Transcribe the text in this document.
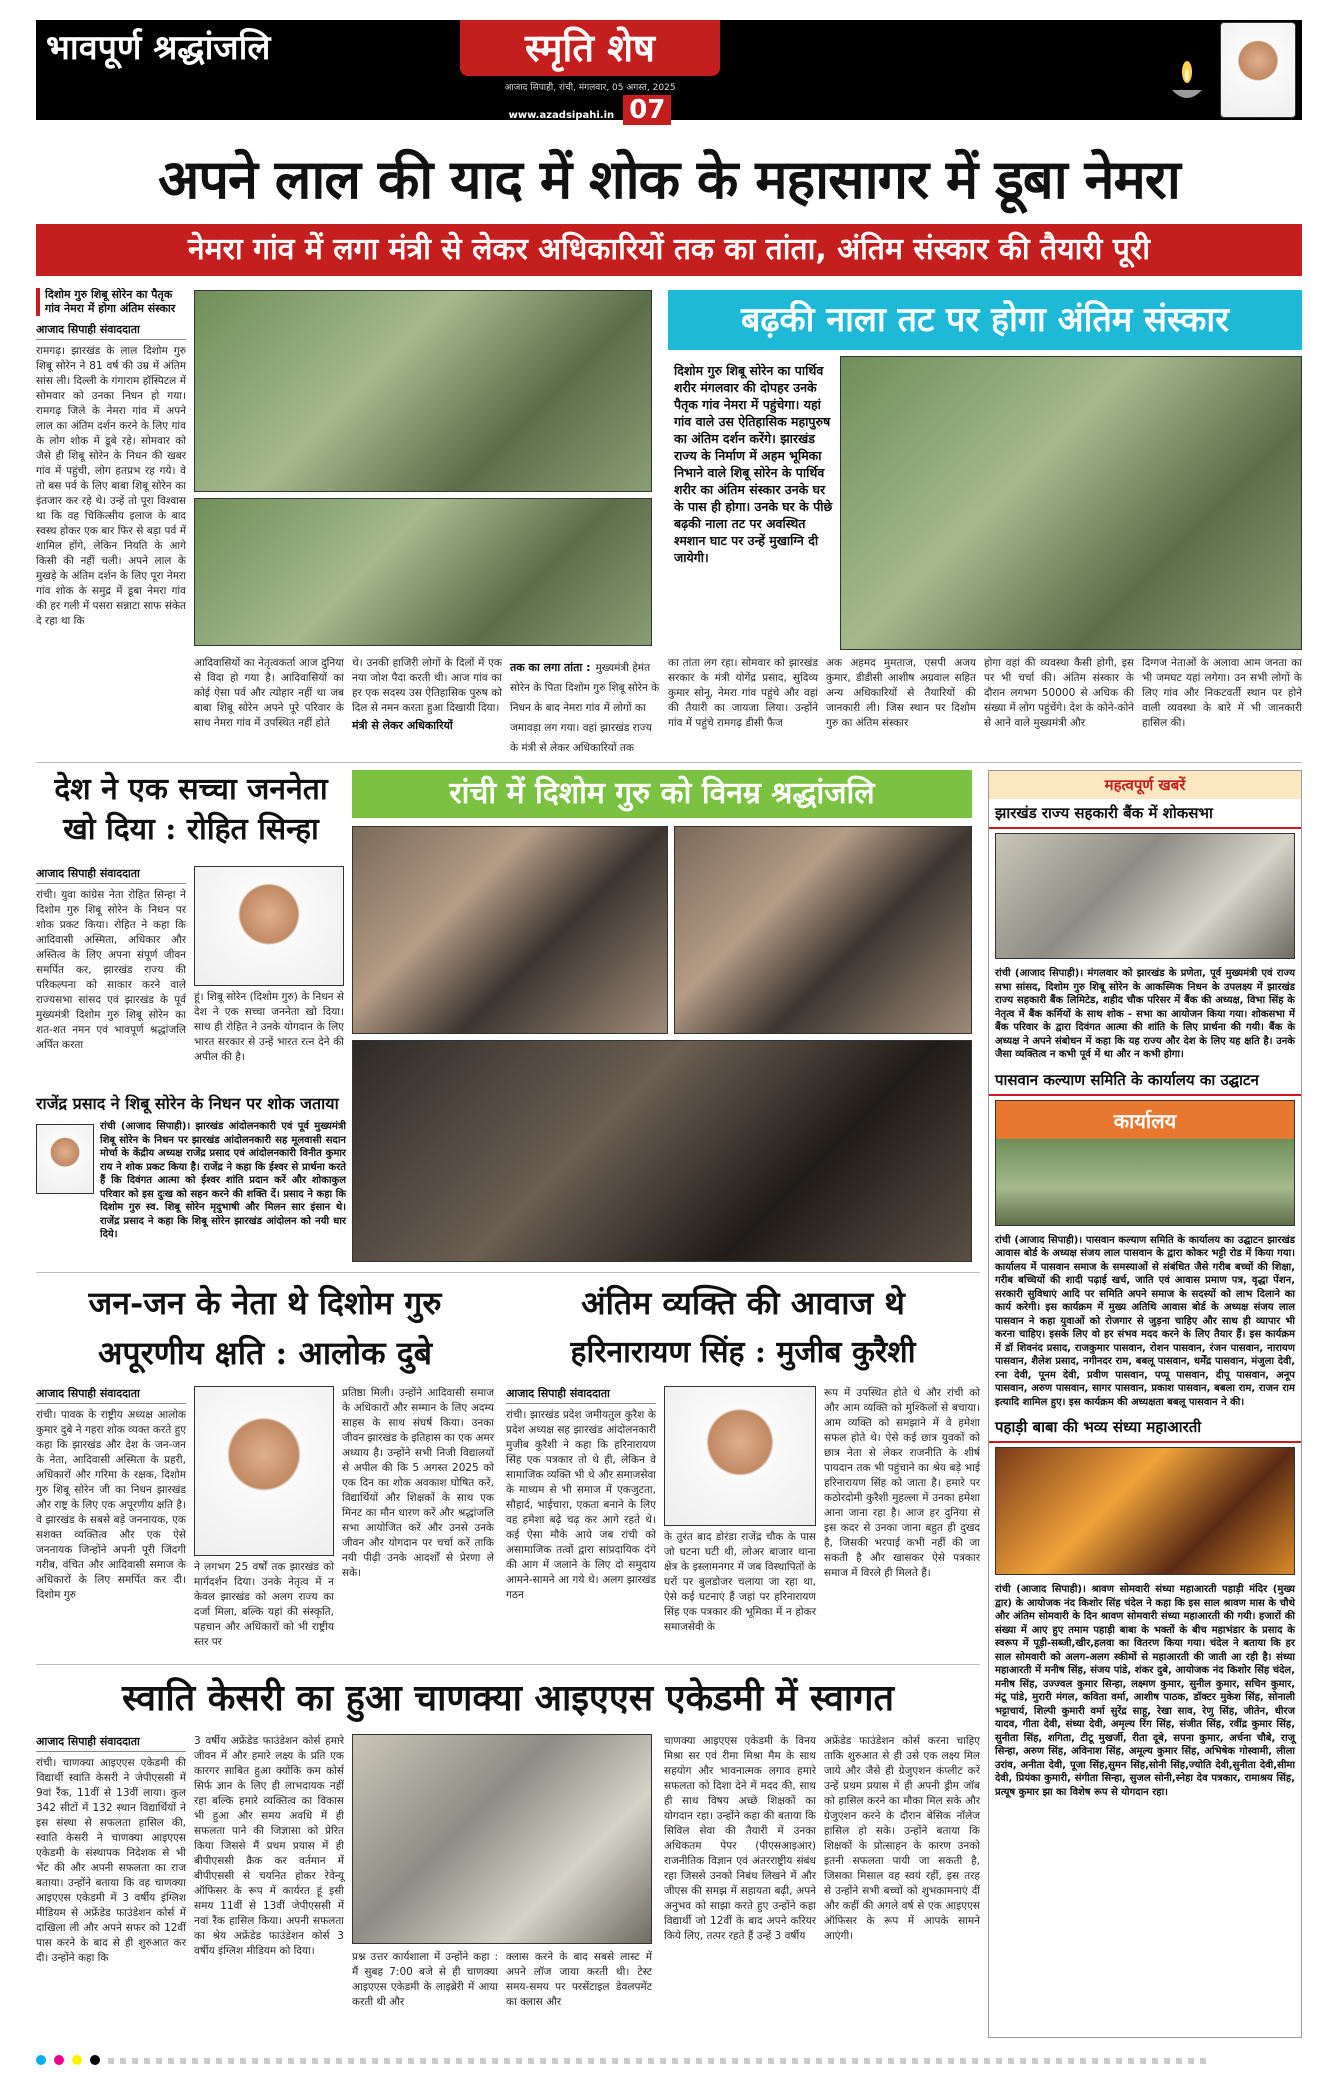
भावपूर्ण श्रद्धांजलि	स्मृति शेष
आजाद सिपाही, रांची, मंगलवार, 05 अगस्त, 2025
www.azadsipahi.in 07
अपने लाल की याद में शोक के महासागर में डूबा नेमरा
नेमरा गांव में लगा मंत्री से लेकर अधिकारियों तक का तांता, अंतिम संस्कार की तैयारी पूरी
दिशोम गुरु शिबू सोरेन का पैतृक गांव नेमरा में होगा अंतिम संस्कार
आजाद सिपाही संवाददाता
रामगढ़। झारखंड के लाल दिशोम गुरु शिबू सोरेन ने 81 वर्ष की उम्र में अंतिम सांस ली। दिल्ली के गंगाराम हॉस्पिटल में सोमवार को उनका निधन हो गया। रामगढ़ जिले के नेमरा गांव में अपने लाल का अंतिम दर्शन करने के लिए गांव के लोग शोक में डूबे रहे। सोमवार को जैसे ही शिबू सोरेन के निधन की खबर गांव में पहुंची, लोग हतप्रभ रह गये। वे तो बस पर्व के लिए बाबा शिबू सोरेन का इंतजार कर रहे थे। उन्हें तो पूरा विश्वास था कि वह चिकित्सीय इलाज के बाद स्वस्थ होकर एक बार फिर से बड़ा पर्व में शामिल होंगे, लेकिन नियति के आगे किसी की नहीं चली। अपने लाल के मुखड़े के अंतिम दर्शन के लिए पूरा नेमरा गांव शोक के समुद्र में डूबा नेमरा गांव की हर गली में पसरा सन्नाटा साफ संकेत दे रहा था कि
बढ़की नाला तट पर होगा अंतिम संस्कार
दिशोम गुरु शिबू सोरेन का पार्थिव शरीर मंगलवार की दोपहर उनके पैतृक गांव नेमरा में पहुंचेगा। यहां गांव वाले उस ऐतिहासिक महापुरुष का अंतिम दर्शन करेंगे। झारखंड राज्य के निर्माण में अहम भूमिका निभाने वाले शिबू सोरेन के पार्थिव शरीर का अंतिम संस्कार उनके घर के पास ही होगा। उनके घर के पीछे बढ़की नाला तट पर अवस्थित श्मशान घाट पर उन्हें मुखाग्नि दी जायेगी।
आदिवासियों का नेतृत्वकर्ता आज दुनिया से विदा हो गया है। आदिवासियों का कोई ऐसा पर्व और त्योहार नहीं था जब बाबा शिबू सोरेन अपने पूरे परिवार के साथ नेमरा गांव में उपस्थित नहीं होते
थे। उनकी हाजिरी लोगों के दिलों में एक नया जोश पैदा करती थी। आज गांव का हर एक सदस्य उस ऐतिहासिक पुरुष को दिल से नमन करता हुआ दिखायी दिया।
मंत्री से लेकर अधिकारियों
तक का लगा तांता : मुख्यमंत्री हेमंत सोरेन के पिता दिशोम गुरु शिबू सोरेन के निधन के बाद नेमरा गांव में लोगों का जमावड़ा लग गया। वहां झारखंड राज्य के मंत्री से लेकर अधिकारियों तक
का तांता लग रहा। सोमवार को झारखंड सरकार के मंत्री योगेंद्र प्रसाद, सुदिव्य कुमार सोनू, नेमरा गांव पहुंचे और वहां की तैयारी का जायजा लिया। उन्होंने गांव में पहुंचे रामगढ़ डीसी फैज
अक अहमद मुमताज, एसपी अजय कुमार, डीडीसी आशीष अग्रवाल सहित अन्य अधिकारियों से तैयारियों की जानकारी ली। जिस स्थान पर दिशोम गुरु का अंतिम संस्कार
होगा वहां की व्यवस्था कैसी होगी, इस पर भी चर्चा की। अंतिम संस्कार के दौरान लगभग 50000 से अधिक की संख्या में लोग पहुंचेंगे। देश के कोने-कोने से आने वाले मुख्यमंत्री और
दिग्गज नेताओं के अलावा आम जनता का भी जमघट यहां लगेगा। उन सभी लोगों के लिए गांव और निकटवर्ती स्थान पर होने वाली व्यवस्था के बारे में भी जानकारी हासिल की।
देश ने एक सच्चा जननेता
खो दिया : रोहित सिन्हा
आजाद सिपाही संवाददाता
रांची। युवा कांग्रेस नेता रोहित सिन्हा ने दिशोम गुरु शिबू सोरेन के निधन पर शोक प्रकट किया। रोहित ने कहा कि आदिवासी अस्मिता, अधिकार और अस्तित्व के लिए अपना संपूर्ण जीवन समर्पित कर, झारखंड राज्य की परिकल्पना को साकार करने वाले राज्यसभा सांसद एवं झारखंड के पूर्व मुख्यमंत्री दिशोम गुरु शिबू सोरेन का शत-शत नमन एवं भावपूर्ण श्रद्धांजलि अर्पित करता
हूं। शिबू सोरेन (दिशोम गुरु) के निधन से देश ने एक सच्चा जननेता खो दिया। साथ ही रोहित ने उनके योगदान के लिए भारत सरकार से उन्हें भारत रत्न देने की अपील की है।
राजेंद्र प्रसाद ने शिबू सोरेन के निधन पर शोक जताया
रांची (आजाद सिपाही)। झारखंड आंदोलनकारी एवं पूर्व मुख्यमंत्री शिबू सोरेन के निधन पर झारखंड आंदोलनकारी सह मूलवासी सदान मोर्चा के केंद्रीय अध्यक्ष राजेंद्र प्रसाद एवं आंदोलनकारी विनीत कुमार राय ने शोक प्रकट किया है। राजेंद्र ने कहा कि ईश्वर से प्रार्थना करते हैं कि दिवंगत आत्मा को ईश्वर शांति प्रदान करें और शोकाकुल परिवार को इस दुःख को सहन करने की शक्ति दें। प्रसाद ने कहा कि दिशोम गुरु स्व. शिबू सोरेन मृदुभाषी और मिलन सार इंसान थे। राजेंद्र प्रसाद ने कहा कि शिबू सोरेन झारखंड आंदोलन को नयी धार दिये।
रांची में दिशोम गुरु को विनम्र श्रद्धांजलि	महत्वपूर्ण खबरें
झारखंड राज्य सहकारी बैंक में शोकसभा
रांची (आजाद सिपाही)। मंगलवार को झारखंड के प्रणेता, पूर्व मुख्यमंत्री एवं राज्य सभा सांसद, दिशोम गुरु शिबू सोरेन के आकस्मिक निधन के उपलक्ष्य में झारखंड राज्य सहकारी बैंक लिमिटेड, शहीद चौक परिसर में बैंक की अध्यक्ष, विभा सिंह के नेतृत्व में बैंक कर्मियों के साथ शोक - सभा का आयोजन किया गया। शोकसभा में बैंक परिवार के द्वारा दिवंगत आत्मा की शांति के लिए प्रार्थना की गयी। बैंक के अध्यक्ष ने अपने संबोधन में कहा कि यह राज्य और देश के लिए यह क्षति है। उनके जैसा व्यक्तित्व न कभी पूर्व में था और न कभी होगा।
पासवान कल्याण समिति के कार्यालय का उद्घाटन
कार्यालय
रांची (आजाद सिपाही)। पासवान कल्याण समिति के कार्यालय का उद्घाटन झारखंड आवास बोर्ड के अध्यक्ष संजय लाल पासवान के द्वारा कोकर भट्टी रोड में किया गया। कार्यालय में पासवान समाज के समस्याओं से संबंधित जैसे गरीब बच्चों की शिक्षा, गरीब बच्चियों की शादी पढ़ाई खर्च, जाति एवं आवास प्रमाण पत्र, वृद्धा पेंशन, सरकारी सुविधाएं आदि पर समिति अपने समाज के सदस्यों को लाभ दिलाने का कार्य करेगी। इस कार्यक्रम में मुख्य अतिथि आवास बोर्ड के अध्यक्ष संजय लाल पासवान ने कहा युवाओं को रोजगार से जुड़ना चाहिए और साथ ही व्यापार भी करना चाहिए। इसके लिए वो हर संभव मदद करने के लिए तैयार हैं। इस कार्यक्रम में डॉ शिवनंद प्रसाद, राजकुमार पासवान, रोशन पासवान, रंजन पासवान, नारायण पासवान, शैलेश प्रसाद, नगीनदर राम, बबलू पासवान, धर्मेंद्र पासवान, मंजुला देवी, रना देवी, पूनम देवी, प्रवीण पासवान, पप्पू पासवान, दीपू पासवान, अनूप पासवान, अरुण पासवान, सागर पासवान, प्रकाश पासवान, बबला राम, राजन राम इत्यादि शामिल हुए। इस कार्यक्रम की अध्यक्षता बबलू पासवान ने की।
पहाड़ी बाबा की भव्य संध्या महाआरती
रांची (आजाद सिपाही)। श्रावण सोमवारी संध्या महाआरती पहाड़ी मंदिर (मुख्य द्वार) के आयोजक नंद किशोर सिंह चंदेल ने कहा कि इस साल श्रावण मास के चौथे और अंतिम सोमवारी के दिन श्रावण सोमवारी संध्या महाआरती की गयी। हजारों की संख्या में आए हुए तमाम पहाड़ी बाबा के भक्तों के बीच महाभंडार के प्रसाद के स्वरूप में पूड़ी-सब्जी,खीर,हलवा का वितरण किया गया। चंदेल ने बताया कि हर साल सोमवारी को अलग-अलग स्कीमों से महाआरती की जाती आ रही है। संध्या महाआरती में मनीष सिंह, संजय पांडे, शंकर दुबे, आयोजक नंद किशोर सिंह चंदेल, मनीष सिंह, उज्ज्वल कुमार सिन्हा, लक्ष्मण कुमार, सुनील कुमार, सचिन कुमार, मंटू पांडे, मुरारी मंगल, कविता वर्मा, आशीष पाठक, डॉक्टर मुकेश सिंह, सोनाली भट्टाचार्य, शिल्पी कुमारी वर्मा सुरेंद्र साहू, रेखा साव, रेणु सिंह, जीतेन, धीरज यादव, गीता देवी, संध्या देवी, अमृल्य रिंग सिंह, संजीत सिंह, रवींद्र कुमार सिंह, सुनीता सिंह, शगिता, टीटू मुखर्जी, रीता दूबे, सपना कुमार, अर्चना चौबे, राजू सिन्हा, अरुण सिंह, अविनाश सिंह, अमूल्य कुमार सिंह, अभिषेक गोस्वामी, लीला उरांव, अनीता देवी, पूजा सिंह,सुमन सिंह,सोनी सिंह,ज्योति देवी,सुनीता देवी,सीमा देवी, प्रियंका कुमारी, संगीता सिन्हा, सुजल सोनी,स्नेहा देव पत्रकार, रामाश्रय सिंह, प्रत्यूष कुमार झा का विशेष रूप से योगदान रहा।
जन-जन के नेता थे दिशोम गुरु
अपूरणीय क्षति : आलोक दुबे
आजाद सिपाही संवाददाता
रांची। पावक के राष्ट्रीय अध्यक्ष आलोक कुमार दुबे ने गहरा शोक व्यक्त करते हुए कहा कि झारखंड और देश के जन-जन के नेता, आदिवासी अस्मिता के प्रहरी, अधिकारों और गरिमा के रक्षक, दिशोम गुरु शिबू सोरेन जी का निधन झारखंड और राष्ट्र के लिए एक अपूरणीय क्षति है। वे झारखंड के सबसे बड़े जननायक, एक सशक्त व्यक्तित्व और एक ऐसे जननायक जिन्होंने अपनी पूरी जिंदगी गरीब, वंचित और आदिवासी समाज के अधिकारों के लिए समर्पित कर दी। दिशोम गुरु
ने लगभग 25 वर्षों तक झारखंड को मार्गदर्शन दिया। उनके नेतृत्व में न केवल झारखंड को अलग राज्य का दर्जा मिला, बल्कि यहां की संस्कृति, पहचान और अधिकारों को भी राष्ट्रीय स्तर पर
प्रतिष्ठा मिली। उन्होंने आदिवासी समाज के अधिकारों और सम्मान के लिए अदम्य साहस के साथ संघर्ष किया। उनका जीवन झारखंड के इतिहास का एक अमर अध्याय है। उन्होंने सभी निजी विद्यालयों से अपील की कि 5 अगस्त 2025 को एक दिन का शोक अवकाश घोषित करें, विद्यार्थियों और शिक्षकों के साथ एक मिनट का मौन धारण करें और श्रद्धांजलि सभा आयोजित करें और उनसे उनके जीवन और योगदान पर चर्चा करें ताकि नयी पीढ़ी उनके आदर्शों से प्रेरणा ले सके।
अंतिम व्यक्ति की आवाज थे
हरिनारायण सिंह : मुजीब कुरैशी
आजाद सिपाही संवाददाता
रांची। झारखंड प्रदेश जमीयतुल कुरैश के प्रदेश अध्यक्ष सह झारखंड आंदोलनकारी मुजीब कुरैशी ने कहा कि हरिनारायण सिंह एक पत्रकार तो थे ही, लेकिन वे सामाजिक व्यक्ति भी थे और समाजसेवा के माध्यम से भी समाज में एकजुटता, सौहार्द, भाईचारा, एकता बनाने के लिए वह हमेशा बढ़े चढ़ कर आगे रहते थे। कई ऐसा मौके आये जब रांची को असामाजिक तत्वों द्वारा सांप्रदायिक दंगे की आग में जलाने के लिए दो समुदाय आमने-सामने आ गये थे। अलग झारखंड गठन
के तुरंत बाद डोरंडा राजेंद्र चौक के पास जो घटना घटी थी, लोअर बाजार थाना क्षेत्र के इस्लामनगर में जब विस्थापितों के घरों पर बुलडोजर चलाया जा रहा था, ऐसे कई घटनाएं हैं जहां पर हरिनारायण सिंह एक पत्रकार की भूमिका में न होकर समाजसेवी के
रूप में उपस्थित होते थे और रांची को और आम व्यक्ति को मुश्किलों से बचाया। आम व्यक्ति को समझाने में वे हमेशा सफल होते थे। ऐसे कई छात्र युवकों को छात्र नेता से लेकर राजनीति के शीर्ष पायदान तक भी पहुंचाने का श्रेय बड़े भाई हरिनारायण सिंह को जाता है। हमारे पर कठोरदोमी कुरैशी मुहल्ला में उनका हमेशा आना जाना रहा है। आज हर दुनिया से इस कदर से उनका जाना बहुत ही दुखद है, जिसकी भरपाई कभी नहीं की जा सकती है और खासकर ऐसे पत्रकार समाज में विरले ही मिलते हैं।
स्वाति केसरी का हुआ चाणक्या आइएएस एकेडमी में स्वागत
आजाद सिपाही संवाददाता
रांची। चाणक्या आइएएस एकेडमी की विद्यार्थी स्वाति केसरी ने जेपीएससी में 9वां रैंक, 11वीं से 13वीं लाया। कुल 342 सीटों में 132 स्थान विद्यार्थियों ने इस संस्था से सफलता हासिल की, स्वाति केसरी ने चाणक्या आइएएस एकेडमी के संस्थापक निदेशक से भी भेंट की और अपनी सफलता का राज बताया। उन्होंने बताया कि वह चाणक्या आइएएस एकेडमी में 3 वर्षीय इंग्लिश मीडियम से अफ्रेंडेड फाउंडेशन कोर्स में दाखिला ली और अपने सफर को 12वीं पास करने के बाद से ही शुरुआत कर दी। उन्होंने कहा कि
3 वर्षीय अफ्रेंडेड फाउंडेशन कोर्स हमारे जीवन में और हमारे लक्ष्य के प्रति एक कारगर साबित हुआ क्योंकि कम कोर्स सिर्फ ज्ञान के लिए ही लाभदायक नहीं रहा बल्कि हमारे व्यक्तित्व का विकास भी हुआ और समय अवधि में ही सफलता पाने की जिज्ञासा को प्रेरित किया जिससे मैं प्रथम प्रयास में ही बीपीएससी क्रैक कर वर्तमान में बीपीएससी से चयनित होकर रेवेन्यू ऑफिसर के रूप में कार्यरत हूं इसी समय 11वीं से 13वीं जेपीएससी में नवां रैंक हासिल किया। अपनी सफलता का श्रेय अफ्रेंडेड फाउंडेशन कोर्स 3 वर्षीय इंग्लिश मीडियम को दिया।	प्रश्न उत्तर कार्यशाला में उन्होंने कहा : मैं सुबह 7:00 बजे से ही चाणक्या आइएएस एकेडमी के लाइब्रेरी में आया करती थी और
क्लास करने के बाद सबसे लास्ट में अपने लॉज जाया करती थी। टेस्ट समय-समय पर परसेंटाइल डेवलपमेंट का क्लास और
चाणक्या आइएएस एकेडमी के विनय मिश्रा सर एवं रीमा मिश्रा मैम के साथ सहयोग और भावनात्मक लगाव हमारे सफलता को दिशा देने में मदद की, साथ ही साथ विषय अच्छे शिक्षकों का योगदान रहा। उन्होंने कहा की बताया कि सिविल सेवा की तैयारी में उनका अधिकतम पेपर (पीएसआइआर) राजनीतिक विज्ञान एवं अंतरराष्ट्रीय संबंध रहा जिससे उनको निबंध लिखने में और जीएस की समझ में सहायता बढ़ी, अपने अनुभव को साझा करते हुए उन्होंने कहा विद्यार्थी जो 12वीं के बाद अपने करियर किये लिए, तत्पर रहते हैं उन्हें 3 वर्षीय
अफ्रेंडेड फाउंडेशन कोर्स करना चाहिए ताकि शुरुआत से ही उसे एक लक्ष्य मिल जाये और जैसे ही ग्रेजुएशन कंप्लीट करें उन्हें प्रथम प्रयास में ही अपनी ड्रीम जॉब को हासिल करने का मौका मिल सके और ग्रेजुएशन करने के दौरान बेसिक नॉलेज हासिल हो सके। उन्होंने बताया कि शिक्षकों के प्रोत्साहन के कारण उनको इतनी सफलता पायी जा सकती है, जिसका मिसाल वह स्वयं रहीं, इस तरह से उन्होंने सभी बच्चों को शुभकामनाएं दीं और कहीं की अगले वर्ष से एक आइएएस ऑफिसर के रूप में आपके सामने आएंगी।
